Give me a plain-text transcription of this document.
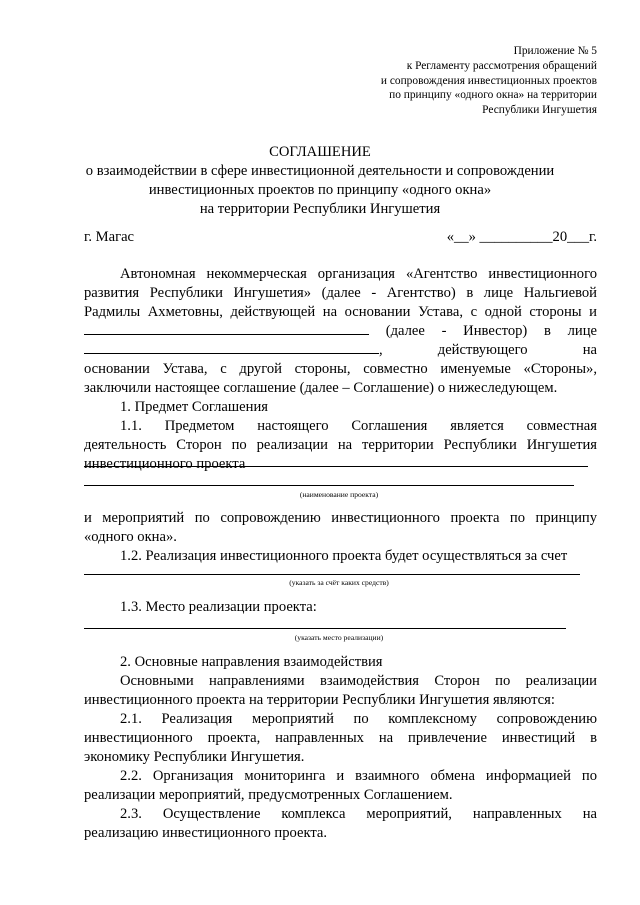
Приложение № 5
к Регламенту рассмотрения обращений
и сопровождения инвестиционных проектов
по принципу «одного окна» на территории
Республики Ингушетия
СОГЛАШЕНИЕ
о взаимодействии в сфере инвестиционной деятельности и сопровождении
инвестиционных проектов по принципу «одного окна»
на территории Республики Ингушетия
г. Магас	«__» __________20___г.
Автономная некоммерческая организация «Агентство инвестиционного
развития Республики Ингушетия» (далее - Агентство) в лице Нальгиевой
Радмилы Ахметовны, действующей на основании Устава, с одной стороны и
(далее - Инвестор) в лице
, действующего на
основании Устава, с другой стороны, совместно именуемые «Стороны»,
заключили настоящее соглашение (далее – Соглашение) о нижеследующем.
1. Предмет Соглашения
1.1. Предметом настоящего Соглашения является совместная
деятельность Сторон по реализации на территории Республики Ингушетия
инвестиционного проекта
(наименование проекта)
и мероприятий по сопровождению инвестиционного проекта по принципу
«одного окна».
1.2. Реализация инвестиционного проекта будет осуществляться за счет
(указать за счёт каких средств)
1.3. Место реализации проекта:
(указать место реализации)
2. Основные направления взаимодействия
Основными направлениями взаимодействия Сторон по реализации
инвестиционного проекта на территории Республики Ингушетия являются:
2.1. Реализация мероприятий по комплексному сопровождению
инвестиционного проекта, направленных на привлечение инвестиций в
экономику Республики Ингушетия.
2.2. Организация мониторинга и взаимного обмена информацией по
реализации мероприятий, предусмотренных Соглашением.
2.3. Осуществление комплекса мероприятий, направленных на
реализацию инвестиционного проекта.
